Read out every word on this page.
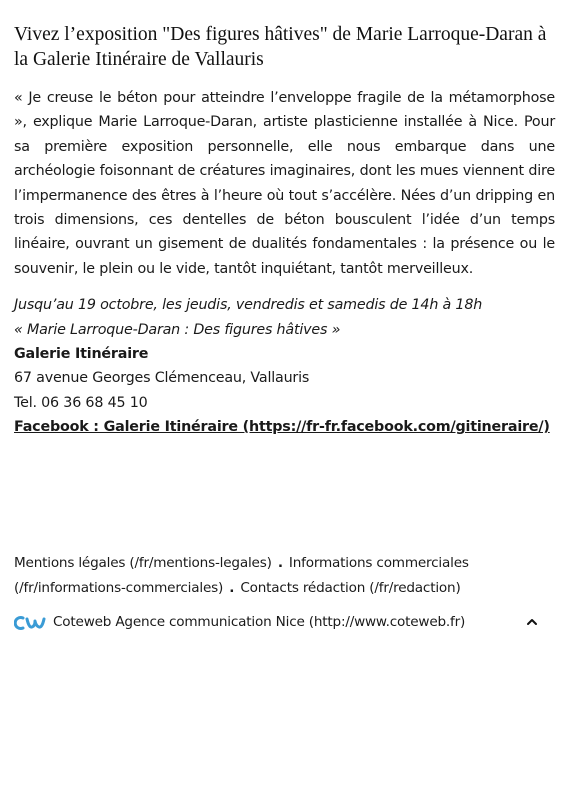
Vivez l’exposition "Des figures hâtives" de Marie Larroque-Daran à la Galerie Itinéraire de Vallauris

« Je creuse le béton pour atteindre l’enveloppe fragile de la métamorphose », explique Marie Larroque-Daran, artiste plasticienne installée à Nice. Pour sa première exposition personnelle, elle nous embarque dans une archéologie foisonnant de créatures imaginaires, dont les mues viennent dire l’impermanence des êtres à l’heure où tout s’accélère. Nées d’un dripping en trois dimensions, ces dentelles de béton bousculent l’idée d’un temps linéaire, ouvrant un gisement de dualités fondamentales : la présence ou le souvenir, le plein ou le vide, tantôt inquiétant, tantôt merveilleux.

Jusqu’au 19 octobre, les jeudis, vendredis et samedis de 14h à 18h
« Marie Larroque-Daran : Des figures hâtives »
Galerie Itinéraire
67 avenue Georges Clémenceau, Vallauris
Tel. 06 36 68 45 10
Facebook : Galerie Itinéraire (https://fr-fr.facebook.com/gitineraire/)
Mentions légales (/fr/mentions-legales) . Informations commerciales (/fr/informations-commerciales) . Contacts rédaction (/fr/redaction)
Coteweb Agence communication Nice (http://www.coteweb.fr)
